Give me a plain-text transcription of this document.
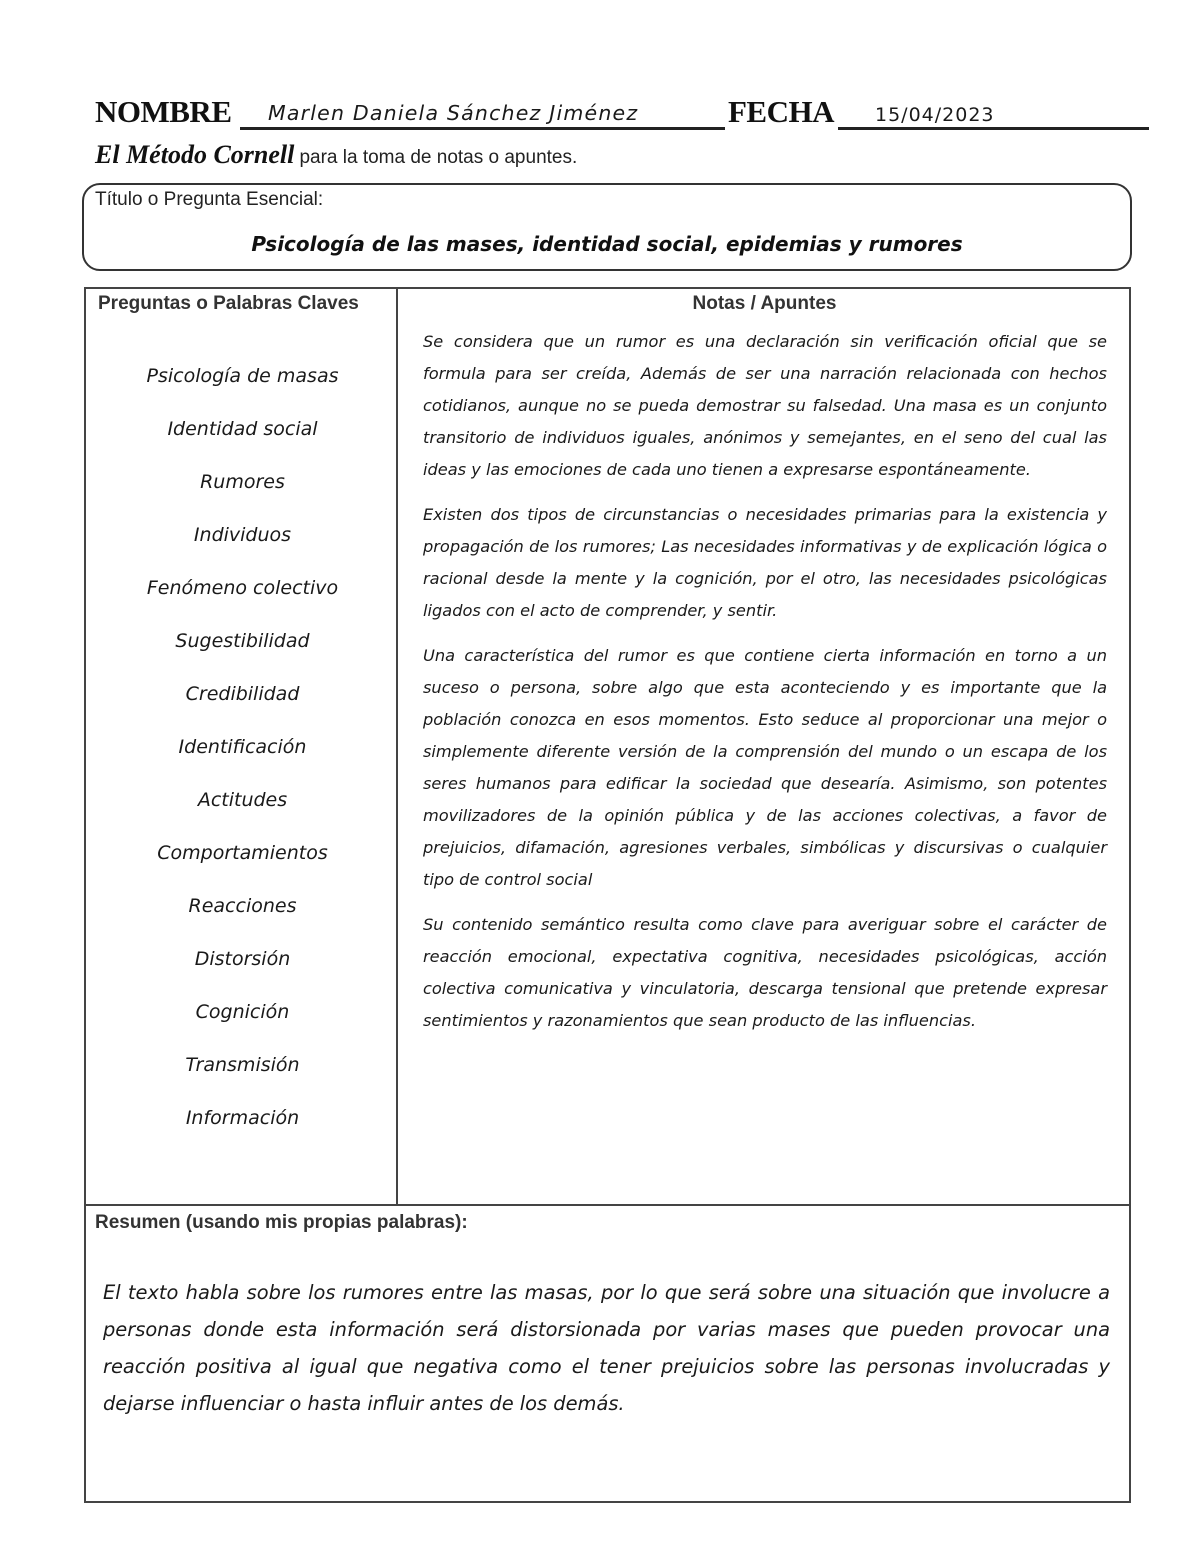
NOMBRE Marlen Daniela Sánchez Jiménez	FECHA 15/04/2023
El Método Cornell para la toma de notas o apuntes.
Título o Pregunta Esencial:
Psicología de las mases, identidad social, epidemias y rumores
Preguntas o Palabras Claves	Notas / Apuntes
Psicología de masas
Identidad social
Rumores
Individuos
Fenómeno colectivo
Sugestibilidad
Credibilidad
Identificación
Actitudes
Comportamientos
Reacciones
Distorsión
Cognición
Transmisión
Información

Se considera que un rumor es una declaración sin verificación oficial que se formula para ser creída, Además de ser una narración relacionada con hechos cotidianos, aunque no se pueda demostrar su falsedad. Una masa es un conjunto transitorio de individuos iguales, anónimos y semejantes, en el seno del cual las ideas y las emociones de cada uno tienen a expresarse espontáneamente.

Existen dos tipos de circunstancias o necesidades primarias para la existencia y propagación de los rumores; Las necesidades informativas y de explicación lógica o racional desde la mente y la cognición, por el otro, las necesidades psicológicas ligados con el acto de comprender, y sentir.

Una característica del rumor es que contiene cierta información en torno a un suceso o persona, sobre algo que esta aconteciendo y es importante que la población conozca en esos momentos. Esto seduce al proporcionar una mejor o simplemente diferente versión de la comprensión del mundo o un escapa de los seres humanos para edificar la sociedad que desearía. Asimismo, son potentes movilizadores de la opinión pública y de las acciones colectivas, a favor de prejuicios, difamación, agresiones verbales, simbólicas y discursivas o cualquier tipo de control social

Su contenido semántico resulta como clave para averiguar sobre el carácter de reacción emocional, expectativa cognitiva, necesidades psicológicas, acción colectiva comunicativa y vinculatoria, descarga tensional que pretende expresar sentimientos y razonamientos que sean producto de las influencias.

Resumen (usando mis propias palabras):
El texto habla sobre los rumores entre las masas, por lo que será sobre una situación que involucre a personas donde esta información será distorsionada por varias mases que pueden provocar una reacción positiva al igual que negativa como el tener prejuicios sobre las personas involucradas y dejarse influenciar o hasta influir antes de los demás.
